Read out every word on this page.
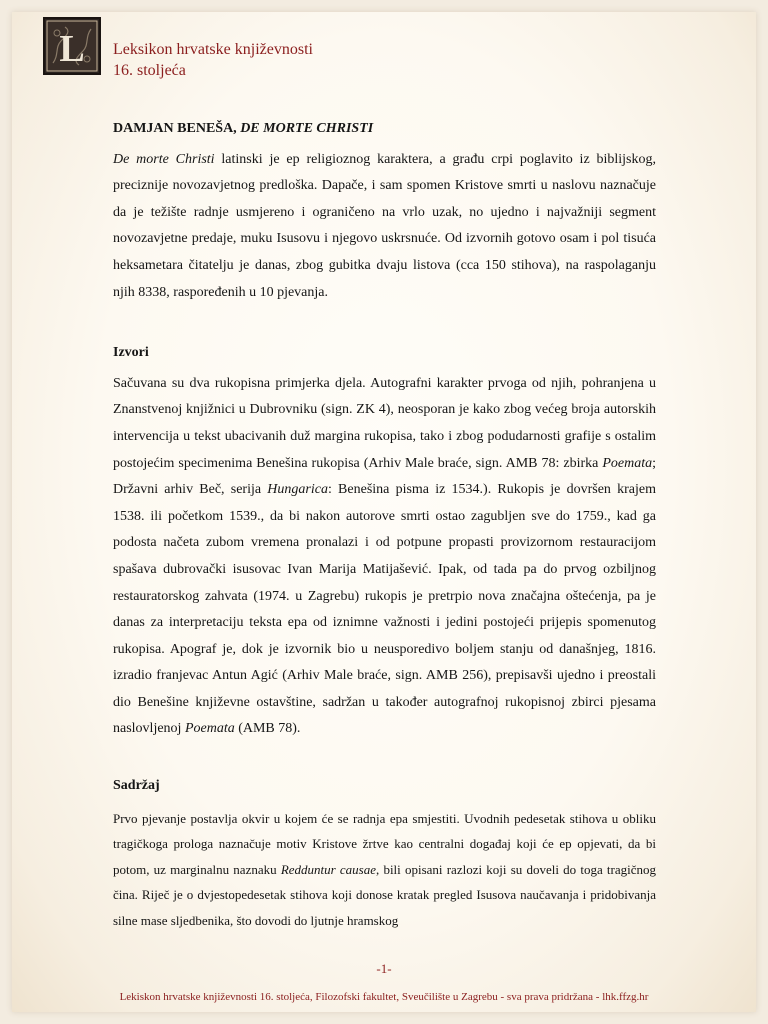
L Leksikon hrvatske književnosti
16. stoljeća

DAMJAN BENEŠA, DE MORTE CHRISTI

De morte Christi latinski je ep religioznog karaktera, a građu crpi poglavito iz biblijskog, preciznije novozavjetnog predloška. Dapače, i sam spomen Kristove smrti u naslovu naznačuje da je težište radnje usmjereno i ograničeno na vrlo uzak, no ujedno i najvažniji segment novozavjetne predaje, muku Isusovu i njegovo uskrsnuće. Od izvornih gotovo osam i pol tisuća heksametara čitatelju je danas, zbog gubitka dvaju listova (cca 150 stihova), na raspolaganju njih 8338, raspoređenih u 10 pjevanja.

Izvori

Sačuvana su dva rukopisna primjerka djela. Autografni karakter prvoga od njih, pohranjena u Znanstvenoj knjižnici u Dubrovniku (sign. ZK 4), neosporan je kako zbog većeg broja autorskih intervencija u tekst ubacivanih duž margina rukopisa, tako i zbog podudarnosti grafije s ostalim postojećim specimenima Benešina rukopisa (Arhiv Male braće, sign. AMB 78: zbirka Poemata; Državni arhiv Beč, serija Hungarica: Benešina pisma iz 1534.). Rukopis je dovršen krajem 1538. ili početkom 1539., da bi nakon autorove smrti ostao zagubljen sve do 1759., kad ga podosta načeta zubom vremena pronalazi i od potpune propasti provizornom restauracijom spašava dubrovački isusovac Ivan Marija Matijašević. Ipak, od tada pa do prvog ozbiljnog restauratorskog zahvata (1974. u Zagrebu) rukopis je pretrpio nova značajna oštećenja, pa je danas za interpretaciju teksta epa od iznimne važnosti i jedini postojeći prijepis spomenutog rukopisa. Apograf je, dok je izvornik bio u neusporedivo boljem stanju od današnjeg, 1816. izradio franjevac Antun Agić (Arhiv Male braće, sign. AMB 256), prepisavši ujedno i preostali dio Benešine književne ostavštine, sadržan u također autografnoj rukopisnoj zbirci pjesama naslovljenoj Poemata (AMB 78).

Sadržaj

Prvo pjevanje postavlja okvir u kojem će se radnja epa smjestiti. Uvodnih pedesetak stihova u obliku tragičkoga prologa naznačuje motiv Kristove žrtve kao centralni događaj koji će ep opjevati, da bi potom, uz marginalnu naznaku Redduntur causae, bili opisani razlozi koji su doveli do toga tragičnog čina. Riječ je o dvjestopedesetak stihova koji donose kratak pregled Isusova naučavanja i pridobivanja silne mase sljedbenika, što dovodi do ljutnje hramskog

-1-
Lekiskon hrvatske književnosti 16. stoljeća, Filozofski fakultet, Sveučilište u Zagrebu - sva prava pridržana - lhk.ffzg.hr
